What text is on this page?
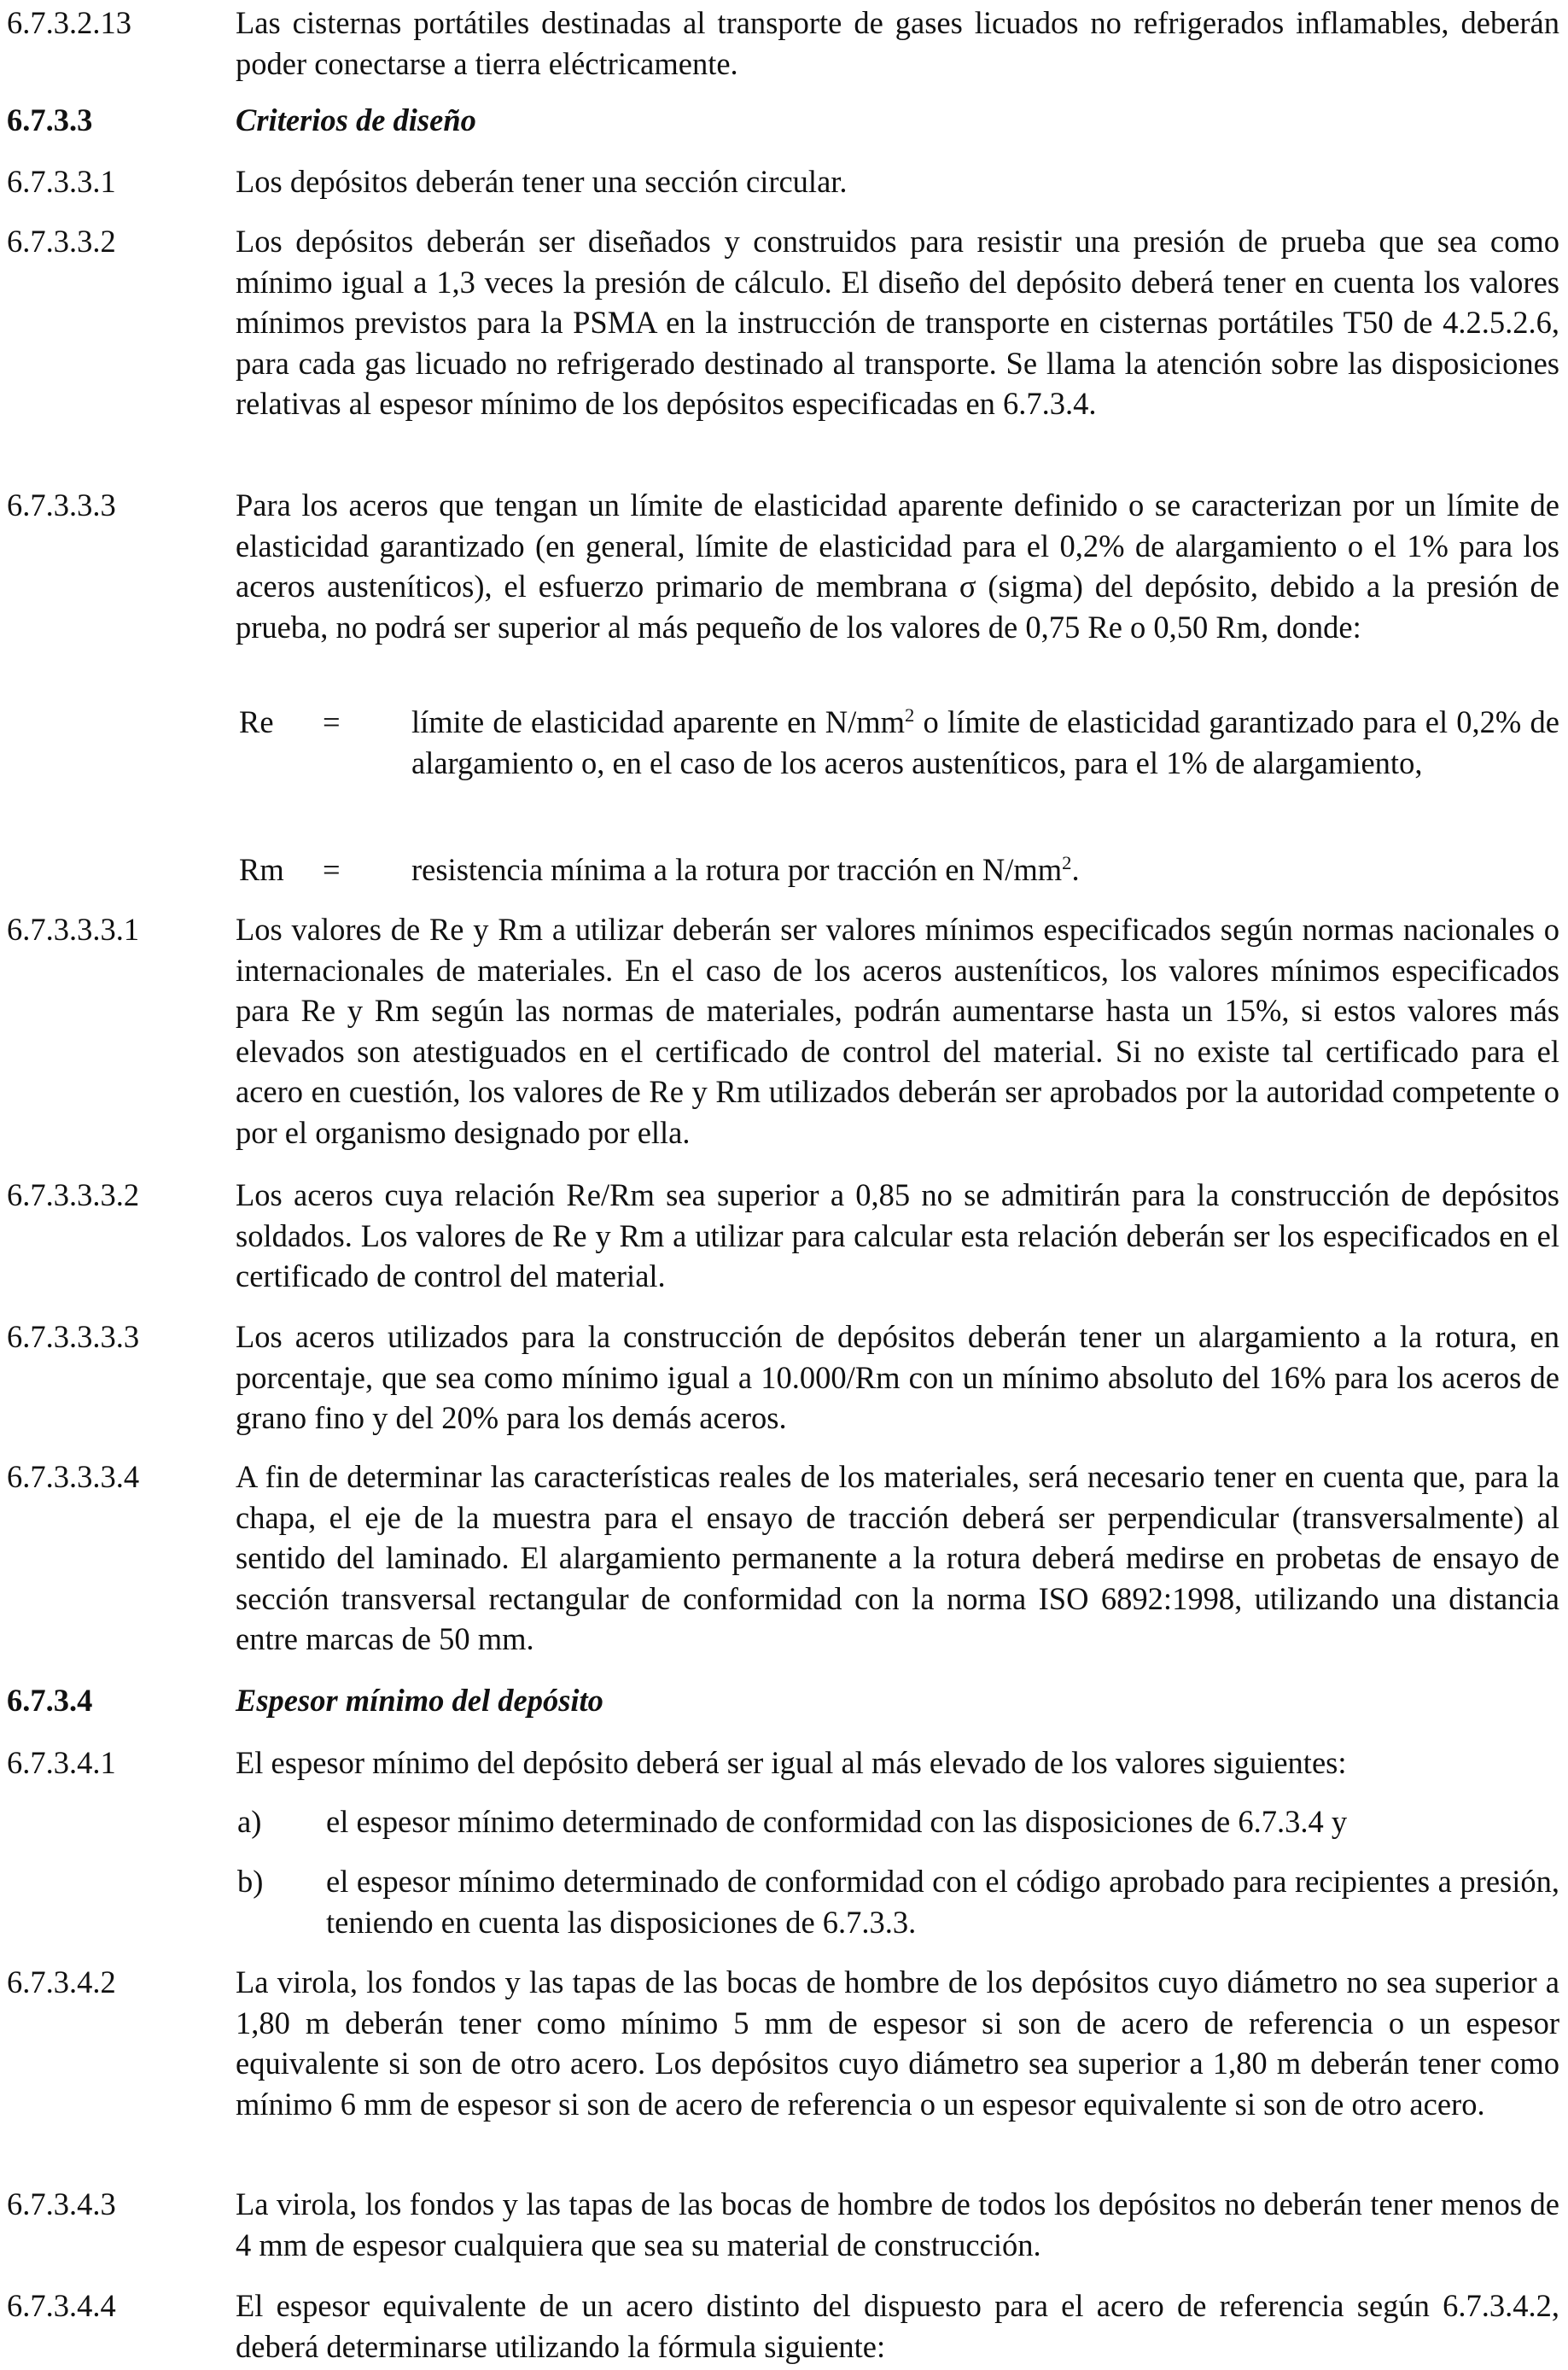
6.7.3.2.13	Las cisternas portátiles destinadas al transporte de gases licuados no refrigerados inflamables, deberán poder conectarse a tierra eléctricamente.
6.7.3.3	Criterios de diseño
6.7.3.3.1	Los depósitos deberán tener una sección circular.
6.7.3.3.2	Los depósitos deberán ser diseñados y construidos para resistir una presión de prueba que sea como mínimo igual a 1,3 veces la presión de cálculo. El diseño del depósito deberá tener en cuenta los valores mínimos previstos para la PSMA en la instrucción de transporte en cisternas portátiles T50 de 4.2.5.2.6, para cada gas licuado no refrigerado destinado al transporte. Se llama la atención sobre las disposiciones relativas al espesor mínimo de los depósitos especificadas en 6.7.3.4.
6.7.3.3.3	Para los aceros que tengan un límite de elasticidad aparente definido o se caracterizan por un límite de elasticidad garantizado (en general, límite de elasticidad para el 0,2% de alargamiento o el 1% para los aceros austeníticos), el esfuerzo primario de membrana σ (sigma) del depósito, debido a la presión de prueba, no podrá ser superior al más pequeño de los valores de 0,75 Re o 0,50 Rm, donde:
Re = límite de elasticidad aparente en $N/mm^2$ o límite de elasticidad garantizado para el 0,2% de alargamiento o, en el caso de los aceros austeníticos, para el 1% de alargamiento,
Rm = resistencia mínima a la rotura por tracción en $N/mm^2$.
6.7.3.3.3.1	Los valores de Re y Rm a utilizar deberán ser valores mínimos especificados según normas nacionales o internacionales de materiales. En el caso de los aceros austeníticos, los valores mínimos especificados para Re y Rm según las normas de materiales, podrán aumentarse hasta un 15%, si estos valores más elevados son atestiguados en el certificado de control del material. Si no existe tal certificado para el acero en cuestión, los valores de Re y Rm utilizados deberán ser aprobados por la autoridad competente o por el organismo designado por ella.
6.7.3.3.3.2	Los aceros cuya relación Re/Rm sea superior a 0,85 no se admitirán para la construcción de depósitos soldados. Los valores de Re y Rm a utilizar para calcular esta relación deberán ser los especificados en el certificado de control del material.
6.7.3.3.3.3	Los aceros utilizados para la construcción de depósitos deberán tener un alargamiento a la rotura, en porcentaje, que sea como mínimo igual a 10.000/Rm con un mínimo absoluto del 16% para los aceros de grano fino y del 20% para los demás aceros.
6.7.3.3.3.4	A fin de determinar las características reales de los materiales, será necesario tener en cuenta que, para la chapa, el eje de la muestra para el ensayo de tracción deberá ser perpendicular (transversalmente) al sentido del laminado. El alargamiento permanente a la rotura deberá medirse en probetas de ensayo de sección transversal rectangular de conformidad con la norma ISO 6892:1998, utilizando una distancia entre marcas de 50 mm.
6.7.3.4	Espesor mínimo del depósito
6.7.3.4.1	El espesor mínimo del depósito deberá ser igual al más elevado de los valores siguientes:
a) el espesor mínimo determinado de conformidad con las disposiciones de 6.7.3.4 y
b) el espesor mínimo determinado de conformidad con el código aprobado para recipientes a presión, teniendo en cuenta las disposiciones de 6.7.3.3.
6.7.3.4.2	La virola, los fondos y las tapas de las bocas de hombre de los depósitos cuyo diámetro no sea superior a 1,80 m deberán tener como mínimo 5 mm de espesor si son de acero de referencia o un espesor equivalente si son de otro acero. Los depósitos cuyo diámetro sea superior a 1,80 m deberán tener como mínimo 6 mm de espesor si son de acero de referencia o un espesor equivalente si son de otro acero.
6.7.3.4.3	La virola, los fondos y las tapas de las bocas de hombre de todos los depósitos no deberán tener menos de 4 mm de espesor cualquiera que sea su material de construcción.
6.7.3.4.4	El espesor equivalente de un acero distinto del dispuesto para el acero de referencia según 6.7.3.4.2, deberá determinarse utilizando la fórmula siguiente:
